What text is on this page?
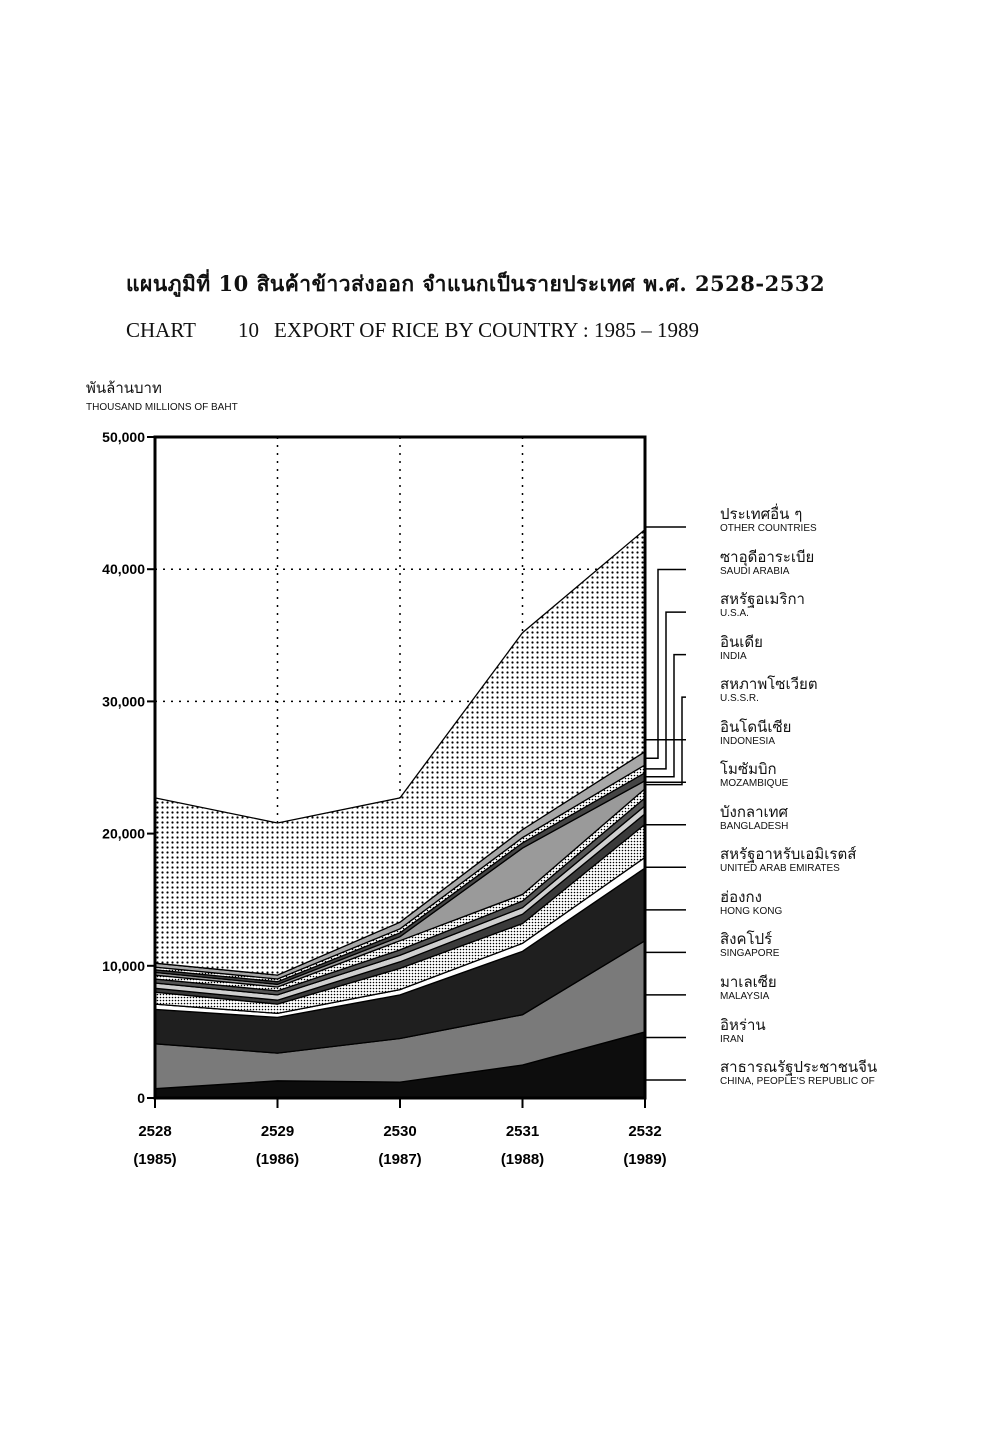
แผนภูมิที่ 10 สินค้าข้าวส่งออก จำแนกเป็นรายประเทศ พ.ศ. 2528-2532
CHART 10 EXPORT OF RICE BY COUNTRY : 1985 – 1989
พันล้านบาท
THOUSAND MILLIONS OF BAHT
50,000
40,000
30,000
20,000
10,000
0
2528
(1985)
2529
(1986)
2530
(1987)
2531
(1988)
2532
(1989)
ประเทศอื่น ๆ
OTHER COUNTRIES
ซาอุดีอาระเบีย
SAUDI ARABIA
สหรัฐอเมริกา
U.S.A.
อินเดีย
INDIA
สหภาพโซเวียต
U.S.S.R.
อินโดนีเซีย
INDONESIA
โมซัมบิก
MOZAMBIQUE
บังกลาเทศ
BANGLADESH
สหรัฐอาหรับเอมิเรตส์
UNITED ARAB EMIRATES
ฮ่องกง
HONG KONG
สิงคโปร์
SINGAPORE
มาเลเซีย
MALAYSIA
อิหร่าน
IRAN
สาธารณรัฐประชาชนจีน
CHINA, PEOPLE'S REPUBLIC OF
